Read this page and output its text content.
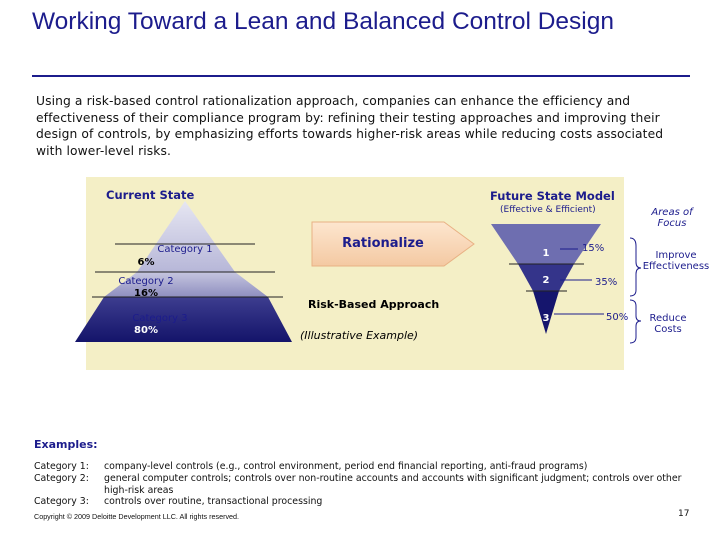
Working Toward a Lean and Balanced Control Design
Using a risk-based control rationalization approach, companies can enhance the efficiency and effectiveness of their compliance program by: refining their testing approaches and improving their design of controls, by emphasizing efforts towards higher-risk areas while reducing costs associated with lower-level risks.
Current State
Category 1
6%
Category 2
16%
Category 3
80%
Rationalize
Risk-Based Approach
(Illustrative Example)
Future State Model
(Effective & Efficient)
1
2
3
15%
35%
50%
Areas of Focus
Improve Effectiveness
Reduce Costs
Examples:
Category 1:	company-level controls (e.g., control environment, period end financial reporting, anti-fraud programs)
Category 2:	general computer controls; controls over non-routine accounts and accounts with significant judgment; controls over other high-risk areas
Category 3:	controls over routine, transactional processing
Copyright © 2009 Deloitte Development LLC. All rights reserved.	17
